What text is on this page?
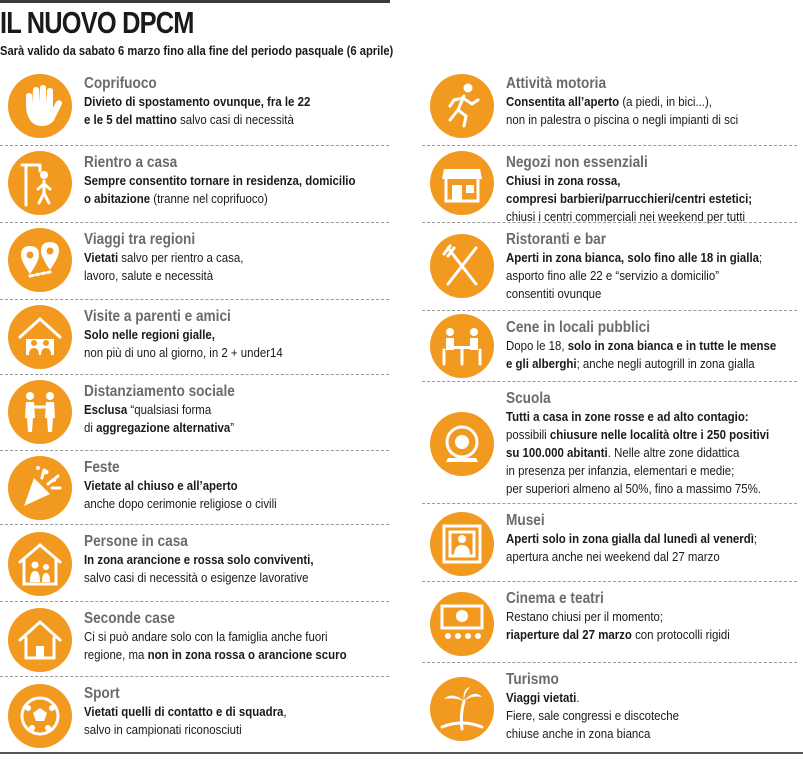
IL NUOVO DPCM
Sarà valido da sabato 6 marzo fino alla fine del periodo pasquale (6 aprile)
Coprifuoco
Divieto di spostamento ovunque, fra le 22
e le 5 del mattino salvo casi di necessità
Rientro a casa
Sempre consentito tornare in residenza, domicilio
o abitazione (tranne nel coprifuoco)
Viaggi tra regioni
Vietati salvo per rientro a casa,
lavoro, salute e necessità
Visite a parenti e amici
Solo nelle regioni gialle,
non più di uno al giorno, in 2 + under14
Distanziamento sociale
Esclusa “qualsiasi forma
di aggregazione alternativa”
Feste
Vietate al chiuso e all’aperto
anche dopo cerimonie religiose o civili
Persone in casa
In zona arancione e rossa solo conviventi,
salvo casi di necessità o esigenze lavorative
Seconde case
Ci si può andare solo con la famiglia anche fuori
regione, ma non in zona rossa o arancione scuro
Sport
Vietati quelli di contatto e di squadra,
salvo in campionati riconosciuti
Attività motoria
Consentita all’aperto (a piedi, in bici...),
non in palestra o piscina o negli impianti di sci
Negozi non essenziali
Chiusi in zona rossa,
compresi barbieri/parrucchieri/centri estetici;
chiusi i centri commerciali nei weekend per tutti
Ristoranti e bar
Aperti in zona bianca, solo fino alle 18 in gialla;
asporto fino alle 22 e “servizio a domicilio”
consentiti ovunque
Cene in locali pubblici
Dopo le 18, solo in zona bianca e in tutte le mense
e gli alberghi; anche negli autogrill in zona gialla
Scuola
Tutti a casa in zone rosse e ad alto contagio:
possibili chiusure nelle località oltre i 250 positivi
su 100.000 abitanti. Nelle altre zone didattica
in presenza per infanzia, elementari e medie;
per superiori almeno al 50%, fino a massimo 75%.
Musei
Aperti solo in zona gialla dal lunedì al venerdì;
apertura anche nei weekend dal 27 marzo
Cinema e teatri
Restano chiusi per il momento;
riaperture dal 27 marzo con protocolli rigidi
Turismo
Viaggi vietati.
Fiere, sale congressi e discoteche
chiuse anche in zona bianca
